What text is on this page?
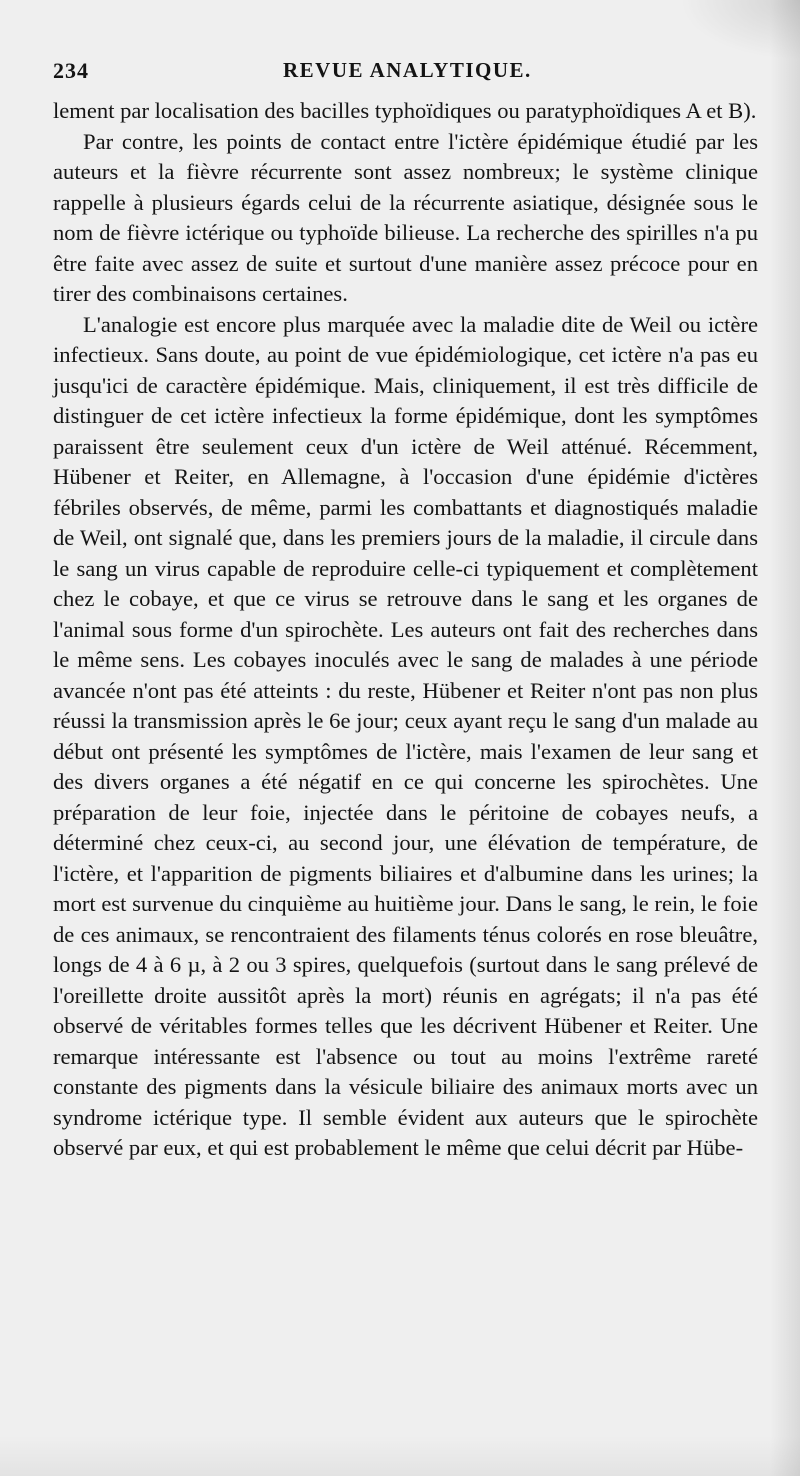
234	REVUE ANALYTIQUE.

lement par localisation des bacilles typhoïdiques ou paratyphoïdiques A et B).

Par contre, les points de contact entre l'ictère épidémique étudié par les auteurs et la fièvre récurrente sont assez nombreux; le système clinique rappelle à plusieurs égards celui de la récurrente asiatique, désignée sous le nom de fièvre ictérique ou typhoïde bilieuse. La recherche des spirilles n'a pu être faite avec assez de suite et surtout d'une manière assez précoce pour en tirer des combinaisons certaines.

L'analogie est encore plus marquée avec la maladie dite de Weil ou ictère infectieux. Sans doute, au point de vue épidémiologique, cet ictère n'a pas eu jusqu'ici de caractère épidémique. Mais, cliniquement, il est très difficile de distinguer de cet ictère infectieux la forme épidémique, dont les symptômes paraissent être seulement ceux d'un ictère de Weil atténué. Récemment, Hübener et Reiter, en Allemagne, à l'occasion d'une épidémie d'ictères fébriles observés, de même, parmi les combattants et diagnostiqués maladie de Weil, ont signalé que, dans les premiers jours de la maladie, il circule dans le sang un virus capable de reproduire celle-ci typiquement et complètement chez le cobaye, et que ce virus se retrouve dans le sang et les organes de l'animal sous forme d'un spirochète. Les auteurs ont fait des recherches dans le même sens. Les cobayes inoculés avec le sang de malades à une période avancée n'ont pas été atteints : du reste, Hübener et Reiter n'ont pas non plus réussi la transmission après le 6e jour; ceux ayant reçu le sang d'un malade au début ont présenté les symptômes de l'ictère, mais l'examen de leur sang et des divers organes a été négatif en ce qui concerne les spirochètes. Une préparation de leur foie, injectée dans le péritoine de cobayes neufs, a déterminé chez ceux-ci, au second jour, une élévation de température, de l'ictère, et l'apparition de pigments biliaires et d'albumine dans les urines; la mort est survenue du cinquième au huitième jour. Dans le sang, le rein, le foie de ces animaux, se rencontraient des filaments ténus colorés en rose bleuâtre, longs de 4 à 6 µ, à 2 ou 3 spires, quelquefois (surtout dans le sang prélevé de l'oreillette droite aussitôt après la mort) réunis en agrégats; il n'a pas été observé de véritables formes telles que les décrivent Hübener et Reiter. Une remarque intéressante est l'absence ou tout au moins l'extrême rareté constante des pigments dans la vésicule biliaire des animaux morts avec un syndrome ictérique type. Il semble évident aux auteurs que le spirochète observé par eux, et qui est probablement le même que celui décrit par Hübe-
